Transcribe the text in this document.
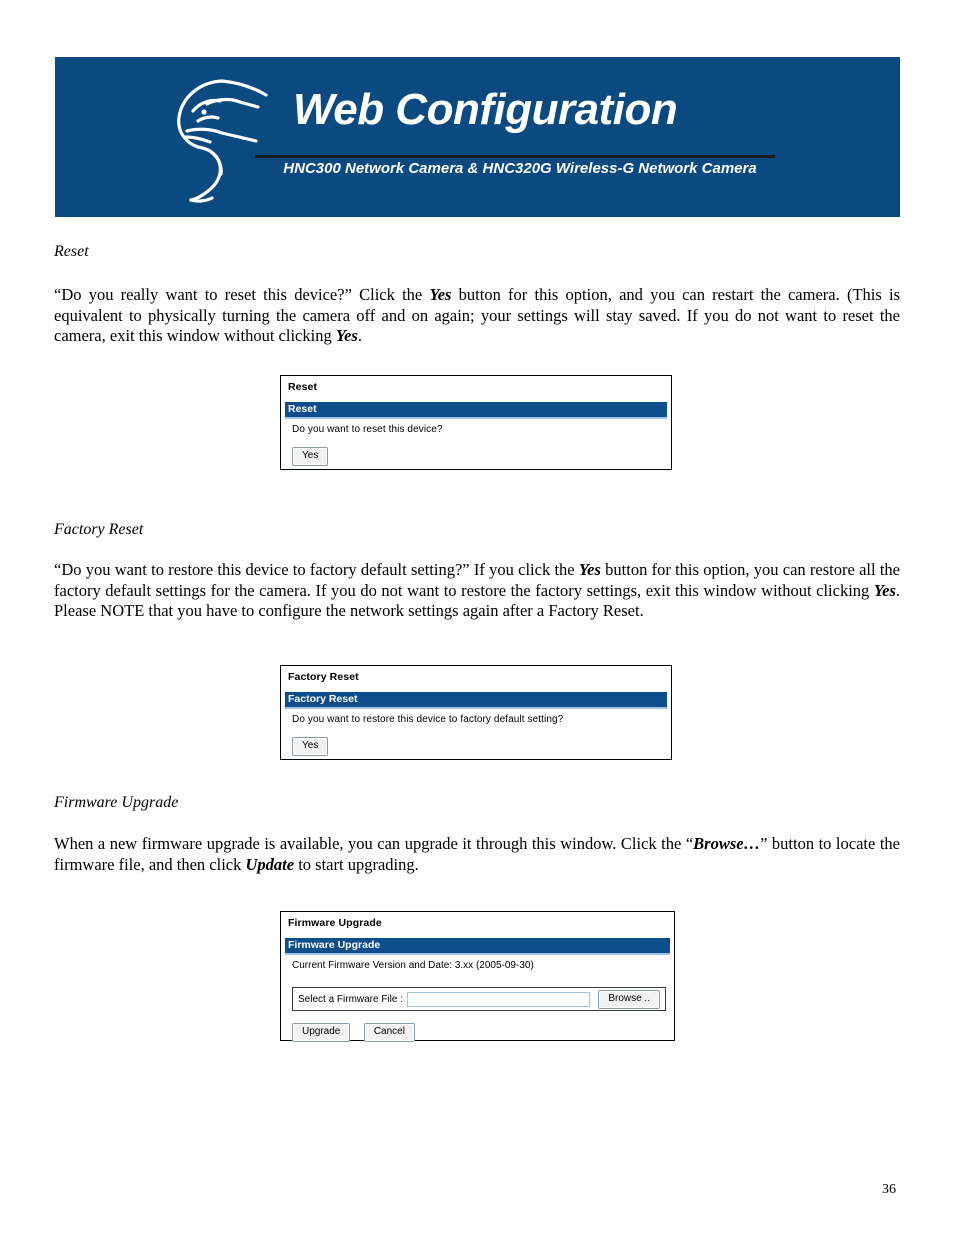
Web Configuration
HNC300 Network Camera & HNC320G Wireless-G Network Camera
Reset
“Do you really want to reset this device?” Click the Yes button for this option, and you can restart the camera. (This is equivalent to physically turning the camera off and on again; your settings will stay saved. If you do not want to reset the camera, exit this window without clicking Yes.
Reset
Reset
Do you want to reset this device?
Yes
Factory Reset
“Do you want to restore this device to factory default setting?” If you click the Yes button for this option, you can restore all the factory default settings for the camera. If you do not want to restore the factory settings, exit this window without clicking Yes. Please NOTE that you have to configure the network settings again after a Factory Reset.
Factory Reset
Factory Reset
Do you want to restore this device to factory default setting?
Yes
Firmware Upgrade
When a new firmware upgrade is available, you can upgrade it through this window. Click the “Browse…” button to locate the firmware file, and then click Update to start upgrading.
Firmware Upgrade
Firmware Upgrade
Current Firmware Version and Date: 3.xx (2005-09-30)
Select a Firmware File :	Browse ..
Upgrade	Cancel
36
